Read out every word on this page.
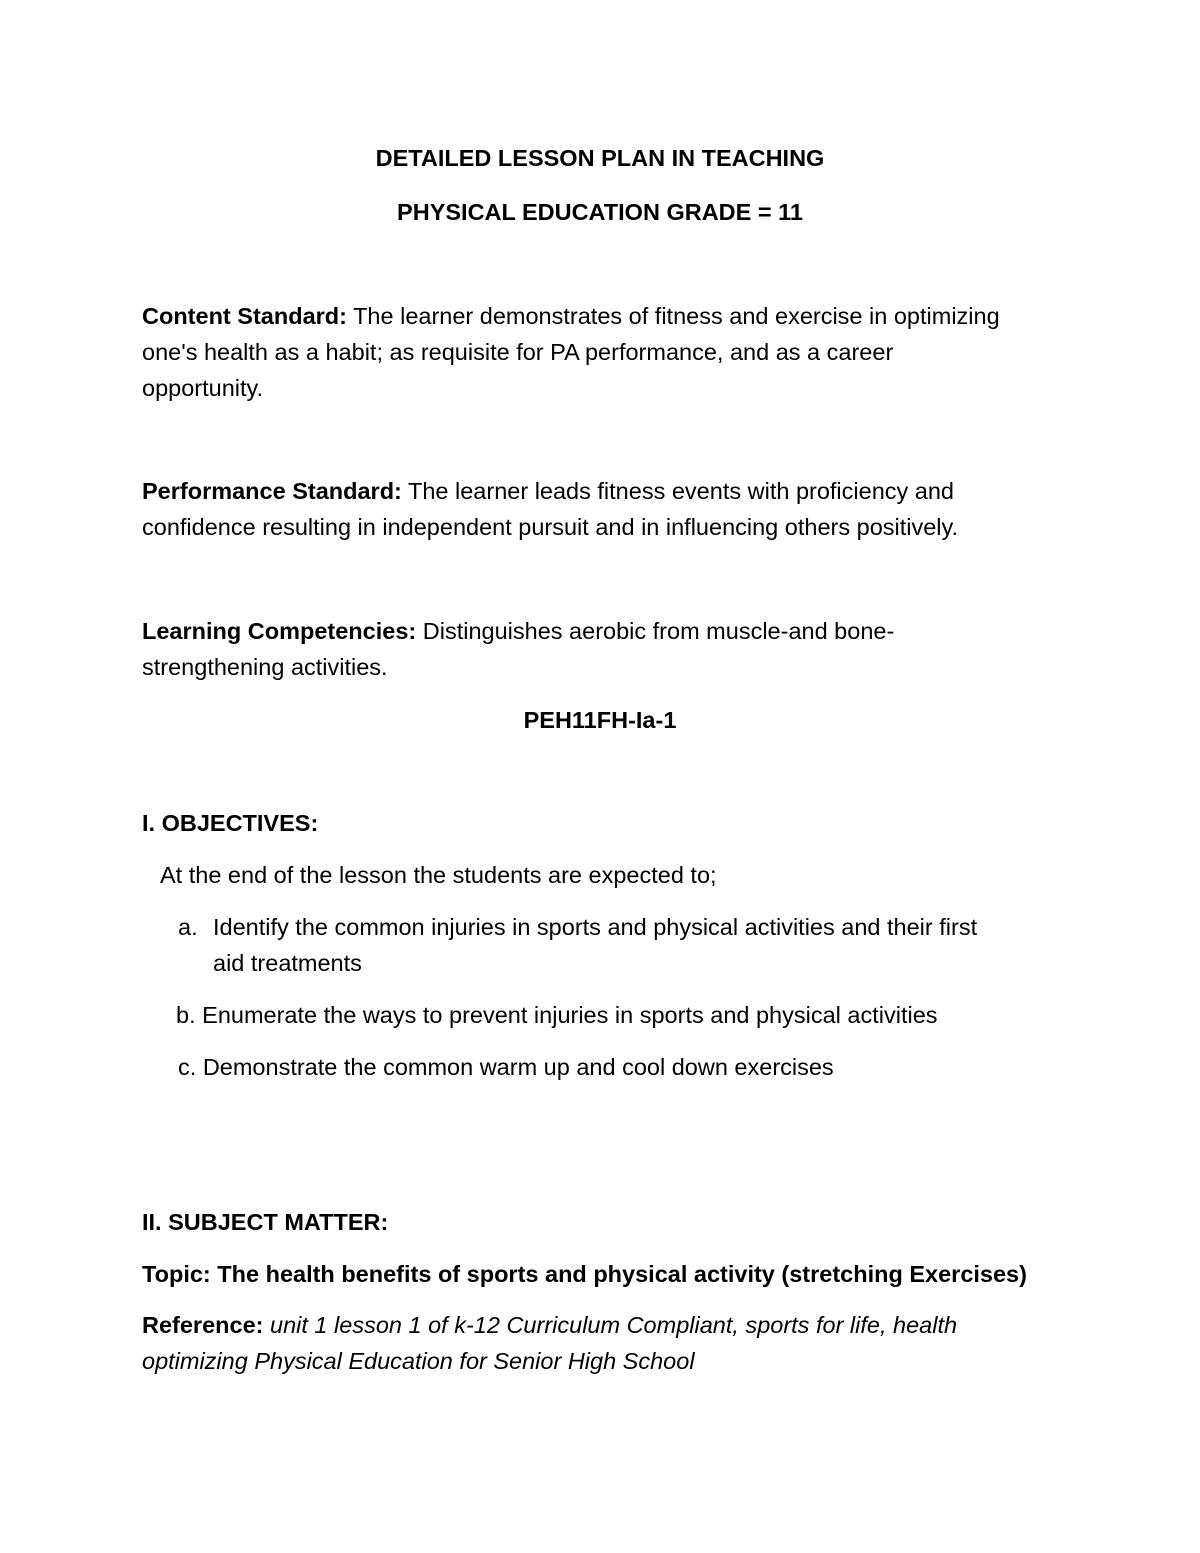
DETAILED LESSON PLAN IN TEACHING
PHYSICAL EDUCATION GRADE = 11
Content Standard: The learner demonstrates of fitness and exercise in optimizing
one's health as a habit; as requisite for PA performance, and as a career
opportunity.
Performance Standard: The learner leads fitness events with proficiency and
confidence resulting in independent pursuit and in influencing others positively.
Learning Competencies: Distinguishes aerobic from muscle-and bone-
strengthening activities.
PEH11FH-Ia-1
I. OBJECTIVES:
At the end of the lesson the students are expected to;
a. Identify the common injuries in sports and physical activities and their first
aid treatments
b. Enumerate the ways to prevent injuries in sports and physical activities
c. Demonstrate the common warm up and cool down exercises
II. SUBJECT MATTER:
Topic: The health benefits of sports and physical activity (stretching Exercises)
Reference: unit 1 lesson 1 of k-12 Curriculum Compliant, sports for life, health
optimizing Physical Education for Senior High School
